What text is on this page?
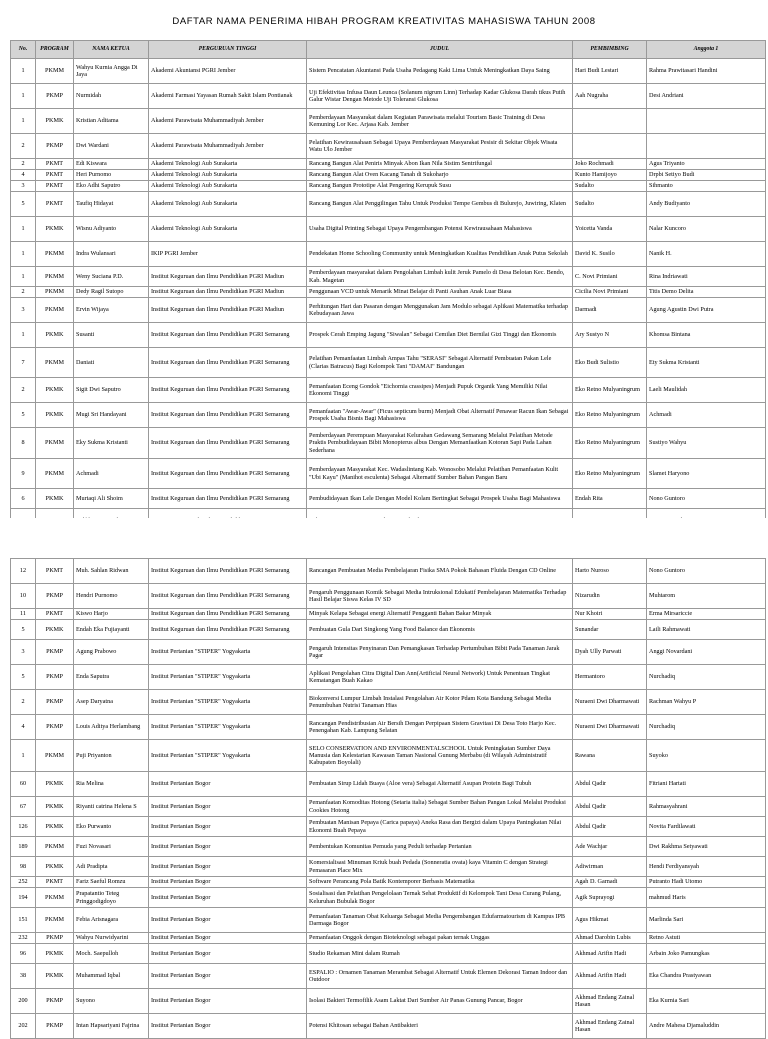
DAFTAR NAMA PENERIMA HIBAH PROGRAM KREATIVITAS MAHASISWA TAHUN 2008
No.	PROGRAM	NAMA KETUA	PERGURUAN TINGGI	JUDUL	PEMBIMBING	Anggota 1
1	PKMM	Wahyu Kurnia Angga Di Jaya	Akademi Akuntansi PGRI Jember	Sistem Pencatatan Akuntansi Pada Usaha Pedagang Kaki Lima Untuk Meningkatkan Daya Saing	Hari Budi Lestari	Rahma Prawitasari Handini
1	PKMP	Nurmidah	Akademi Farmasi Yayasan Rumah Sakit Islam Pontianak	Uji Efektivitas Infusa Daun Leunca (Solanum nigrum Linn) Terhadap Kadar Glukosa Darah tikus Putih Galur Wistar Dengan Metode Uji Toleransi Glukosa	Aah Nugraha	Desi Andriani
1	PKMK	Kristian Aditama	Akademi Parawisata Muhammadiyah Jember	Pemberdayaan Masyarakat dalam Kegiatan Parawisata melalui Tourism Basic Training di Desa Kemuning Lor Kec. Arjasa Kab. Jember		
2	PKMP	Dwi Wardani	Akademi Parawisata Muhammadiyah Jember	Pelatihan Kewirausahaan Sebagai Upaya Pemberdayaan Masyarakat Pesisir di Sekitar Objek Wisata Watu Ulo Jember		
2	PKMT	Edi Kiswara	Akademi Teknologi Aub Surakarta	Rancang Bangun Alat Peniris Minyak Abon Ikan Nila Sistim Sentrifungal	Joko Rochmadi	Agus Triyanto
4	PKMT	Heri Purnomo	Akademi Teknologi Aub Surakarta	Rancang Bangun Alat Oven Kacang Tanah di Sukoharjo	Kunto Hamijoyo	Drpbi Setiyo Budi
3	PKMT	Eko Adhi Saputro	Akademi Teknologi Aub Surakarta	Rancang Bangun Prototipe Alat Pengering Kerupuk Susu	Sudalto	Sihmanto
5	PKMT	Taufiq Hidayat	Akademi Teknologi Aub Surakarta	Rancang Bangun Alat Penggilingan Tahu Untuk Produksi Tempe Gembus di Bulurejo, Juwiring, Klaten	Sudalto	Andy Budiyanto
1	PKMK	Wisnu Adiyanto	Akademi Teknologi Aub Surakarta	Usaha Digital Printing Sebagai Upaya Pengembangan Potensi Kewirausahaan Mahasiswa	Yoicetta Vanda	Nalar Kuncoro
1	PKMM	Indra Wulansari	IKIP PGRI Jember	Pendekatan Home Schooling Community untuk Meningkatkan Kualitas Pendidikan Anak Putus Sekolah	David K. Susilo	Nanik H.
1	PKMM	Weny Suciana P.D.	Institut Keguruan dan Ilmu Pendidikan PGRI Madiun	Pemberdayaan masyarakat dalam Pengolahan Limbah kulit Jeruk Pamelo di Desa Belotan Kec. Bendo, Kab. Magetan	C. Novi Primiani	Rina Indriawati
2	PKMM	Dedy Ragil Sutopo	Institut Keguruan dan Ilmu Pendidikan PGRI Madiun	Penggunaan VCD untuk Menarik Minat Belajar di Panti Asuhan Anak Luar Biasa	Cicilia Novi Primiani	Titis Demo Delita
3	PKMM	Ervin Wijaya	Institut Keguruan dan Ilmu Pendidikan PGRI Madiun	Perhitungan Hari dan Pasaran dengan Menggunakan Jam Modulo sebagai Aplikasi Matematika terhadap Kebudayaan Jawa	Darmadi	Agung Agustin Dwi Putra
1	PKMK	Susanti	Institut Keguruan dan Ilmu Pendidikan PGRI Semarang	Prospek Cerah Emping Jagung "Siwalan" Sebagai Cemilan Diet Bernilai Gizi Tinggi dan Ekonomis	Ary Sustyo N	Khomsa Bintana
7	PKMM	Daniati	Institut Keguruan dan Ilmu Pendidikan PGRI Semarang	Pelatihan Pemanfaatan Limbah Ampas Tahu "SERASI" Sebagai Alternatif Pembuatan Pakan Lele (Clarias Batracus) Bagi Kelompok Tani "DAMAI" Bandungan	Eko Budi Sulistio	Ety Sukma Kristanti
2	PKMK	Sigit Dwi Saputro	Institut Keguruan dan Ilmu Pendidikan PGRI Semarang	Pemanfaatan Eceng Gondok "Eichornia crassipes) Menjadi Pupuk Organik Yang Memiliki Nilai Ekonomi Tinggi	Eko Retno Mulyaningrum	Laeli Maulidah
5	PKMK	Mugi Sri Handayani	Institut Keguruan dan Ilmu Pendidikan PGRI Semarang	Pemanfaatan "Awar-Awar" (Ficus septicum burm) Menjadi Obat Alternatif Penawar Racun Ikan Sebagai Prospek Usaha Bisnis Bagi Mahasiswa	Eko Retno Mulyaningrum	Achmadi
8	PKMM	Eky Sukma Kristanti	Institut Keguruan dan Ilmu Pendidikan PGRI Semarang	Pemberdayaan Perempuan Masyarakat Kelurahan Gedawang Semarang Melalui Pelatihan Metode Praktis Pembudidayaan Bibit Monopterus albus Dengan Memanfaatkan Kotoran Sapi Pada Lahan Sederhana	Eko Retno Mulyaningrum	Sustiyo Wahyu
9	PKMM	Achmadi	Institut Keguruan dan Ilmu Pendidikan PGRI Semarang	Pemberdayaan Masyarakat Kec. Wadaslintang Kab. Wonosobo Melalui Pelatihan Pemanfaatan Kulit "Ubi Kayu" (Manihot esculenta) Sebagai Alternatif Sumber Bahan Pangan Baru	Eko Retno Mulyaningrum	Slamet Haryono
6	PKMK	Murtaqi Ali Shoim	Institut Keguruan dan Ilmu Pendidikan PGRI Semarang	Pembudidayaan Ikan Lele Dengan Model Kolam Bertingkat Sebagai Prospek Usaha Bagi Mahasiswa	Endah Rita	Nono Guntoro

12	PKMT	Muh. Sahlan Ridwan	Institut Keguruan dan Ilmu Pendidikan PGRI Semarang	Rancangan Pembuatan Media Pembelajaran Fisika SMA Pokok Bahasan Fluida Dengan CD Online	Harto Nuroso	Nono Guntoro
10	PKMP	Hendri Purnomo	Institut Keguruan dan Ilmu Pendidikan PGRI Semarang	Pengaruh Penggunaan Komik Sebagai Media Intruksional Edukatif Pembelajaran Matematika Terhadap Hasil Belajar Siswa Kelas IV SD	Nizarudin	Muhtarom
11	PKMT	Kiswo Harjo	Institut Keguruan dan Ilmu Pendidikan PGRI Semarang	Minyak Kelapa Sebagai energi Alternatif Pengganti Bahan Bakar Minyak	Nur Khoiri	Erma Mirsariccie
5	PKMK	Endah Eka Fujiayanti	Institut Keguruan dan Ilmu Pendidikan PGRI Semarang	Pembuatan Gula Dari Singkong Yang Food Balance dan Ekonomis	Sunandar	Laili Rahmawati
3	PKMP	Agung Prabowo	Institut Pertanian "STIPER" Yogyakarta	Pengaruh Intensitas Penyinaran Dan Pemangkasan Terhadap Pertumbuhan Bibit Pada Tanaman Jarak Pagar	Dyah Ully Parwati	Anggi Novardani
5	PKMP	Enda Saputra	Institut Pertanian "STIPER" Yogyakarta	Aplikasi Pengolahan Citra Digital Dan Ann(Artificial Neural Network) Untuk Penentuan Tingkat Kematangan Buah Kakao	Hermantoro	Nurchadiq
2	PKMP	Asep Daryatna	Institut Pertanian "STIPER" Yogyakarta	Biokonversi Lumpur Limbah Instalasi Pengolahan Air Kotor Pdam Kota Bandung Sebagai Media Penumbuhan Nutrisi Tanaman Hias	Nuraeni Dwi Dharmawati	Rachman Wahyu P
4	PKMP	Louis Aditya Herlambang	Institut Pertanian "STIPER" Yogyakarta	Rancangan Pendistribusian Air Bersih Dengan Perpipaan Sistem Gravitasi Di Desa Toto Harjo Kec. Penengahan Kab. Lampung Selatan	Nuraeni Dwi Dharmawati	Nurchadiq
1	PKMM	Puji Priyanton	Institut Pertanian "STIPER" Yogyakarta	SELO CONSERVATION AND ENVIRONMENTALSCHOOL Untuk Peningkatan Sumber Daya Manusia dan Kelestarian Kawasan Taman Nasional Gunung Merbabu (di Wilayah Administratif Kabupaten Boyolali)	Rawana	Suyoko
60	PKMK	Ria Melina	Institut Pertanian Bogor	Pembuatan Sirup Lidah Buaya (Aloe vera) Sebagai Alternatif Asupan Protein Bagi Tubuh	Abdul Qadir	Fitriani Hartati
67	PKMK	Riyanti catrina Helena S	Institut Pertanian Bogor	Pemanfaatan Komoditas Hotong (Setaria italia) Sebagai Sumber Bahan Pangan Lokal Melalui Produksi Cookies Hotong	Abdul Qadir	Rahmasyahrani
126	PKMK	Eko Purwanto	Institut Pertanian Bogor	Pembuatan Manisan Pepaya (Carica papaya) Aneka Rasa dan Bergizi dalam Upaya Paningkatan Nilai Ekonomi Buah Pepaya	Abdul Qadir	Novita Fardilawati
189	PKMM	Fuzi Novasari	Institut Pertanian Bogor	Pembentukan Komunitas Pemuda yang Peduli terhadap Pertanian	Ade Wachjar	Dwi Rakhma Setyawati
98	PKMK	Adi Pradipta	Institut Pertanian Bogor	Komersialisasi Minuman Kriuk buah Pedada (Sonneratia ovata) kaya Vitamin C dengan Strategi Pemasaran Place Mix	Adiwirman	Hendi Ferdiyansyah
252	PKMT	Fariz Saeful Romzu	Institut Pertanian Bogor	Software Perancang Pola Batik Kontemporer Berbasis Matematika	Agah D. Garnadi	Putranto Hadi Utomo
194	PKMM	Prapatantio Teteg Pringgodigdoyo	Institut Pertanian Bogor	Sosialisasi dan Pelatihan Pengelolaan Ternak Sehat Produktif di Kelompok Tani Desa Curang Pulang, Keluruhan Bubulak Bogor	Agik Suprayogi	mahmud Haris
151	PKMM	Febia Arisnagara	Institut Pertanian Bogor	Pemanfaatan Tanaman Obat Keluarga Sebagai Media Pengembangan Edufarmatourism di Kampus IPB Darmaga Bogor	Agus Hikmat	Marlinda Sari
232	PKMP	Wahyu Nurwidyarini	Institut Pertanian Bogor	Pemanfaatan Onggok dengan Bioteknologi sebagai pakan ternak Unggas	Ahmad Darobin Lubis	Retno Astuti
96	PKMK	Moch. Saepulloh	Institut Pertanian Bogor	Studio Rekaman Mini dalam Rumah	Akhmad Arifin Hadi	Arbain Joko Pamungkas
38	PKMK	Muhammad Iqbal	Institut Pertanian Bogor	ESPALIO : Ornamen Tanaman Merambat Sebagai Alternatif Untuk Elemen Dekorasi Taman Indoor dan Outdoor	Akhmad Arifin Hadi	Eka Chandra Prastyawan
200	PKMP	Suyono	Institut Pertanian Bogor	Isolasi Bakteri Termofilik Asam Laktat Dari Sumber Air Panas Gunung Pancar, Bogor	Akhmad Endang Zainal Hasan	Eka Kurnia Sari
202	PKMP	Intan Hapsariyani Fajrina	Institut Pertanian Bogor	Potensi Khitosan sebagai Bahan Antibakteri	Akhmad Endang Zainal Hasan	Andre Mahesa Djamaluddin
